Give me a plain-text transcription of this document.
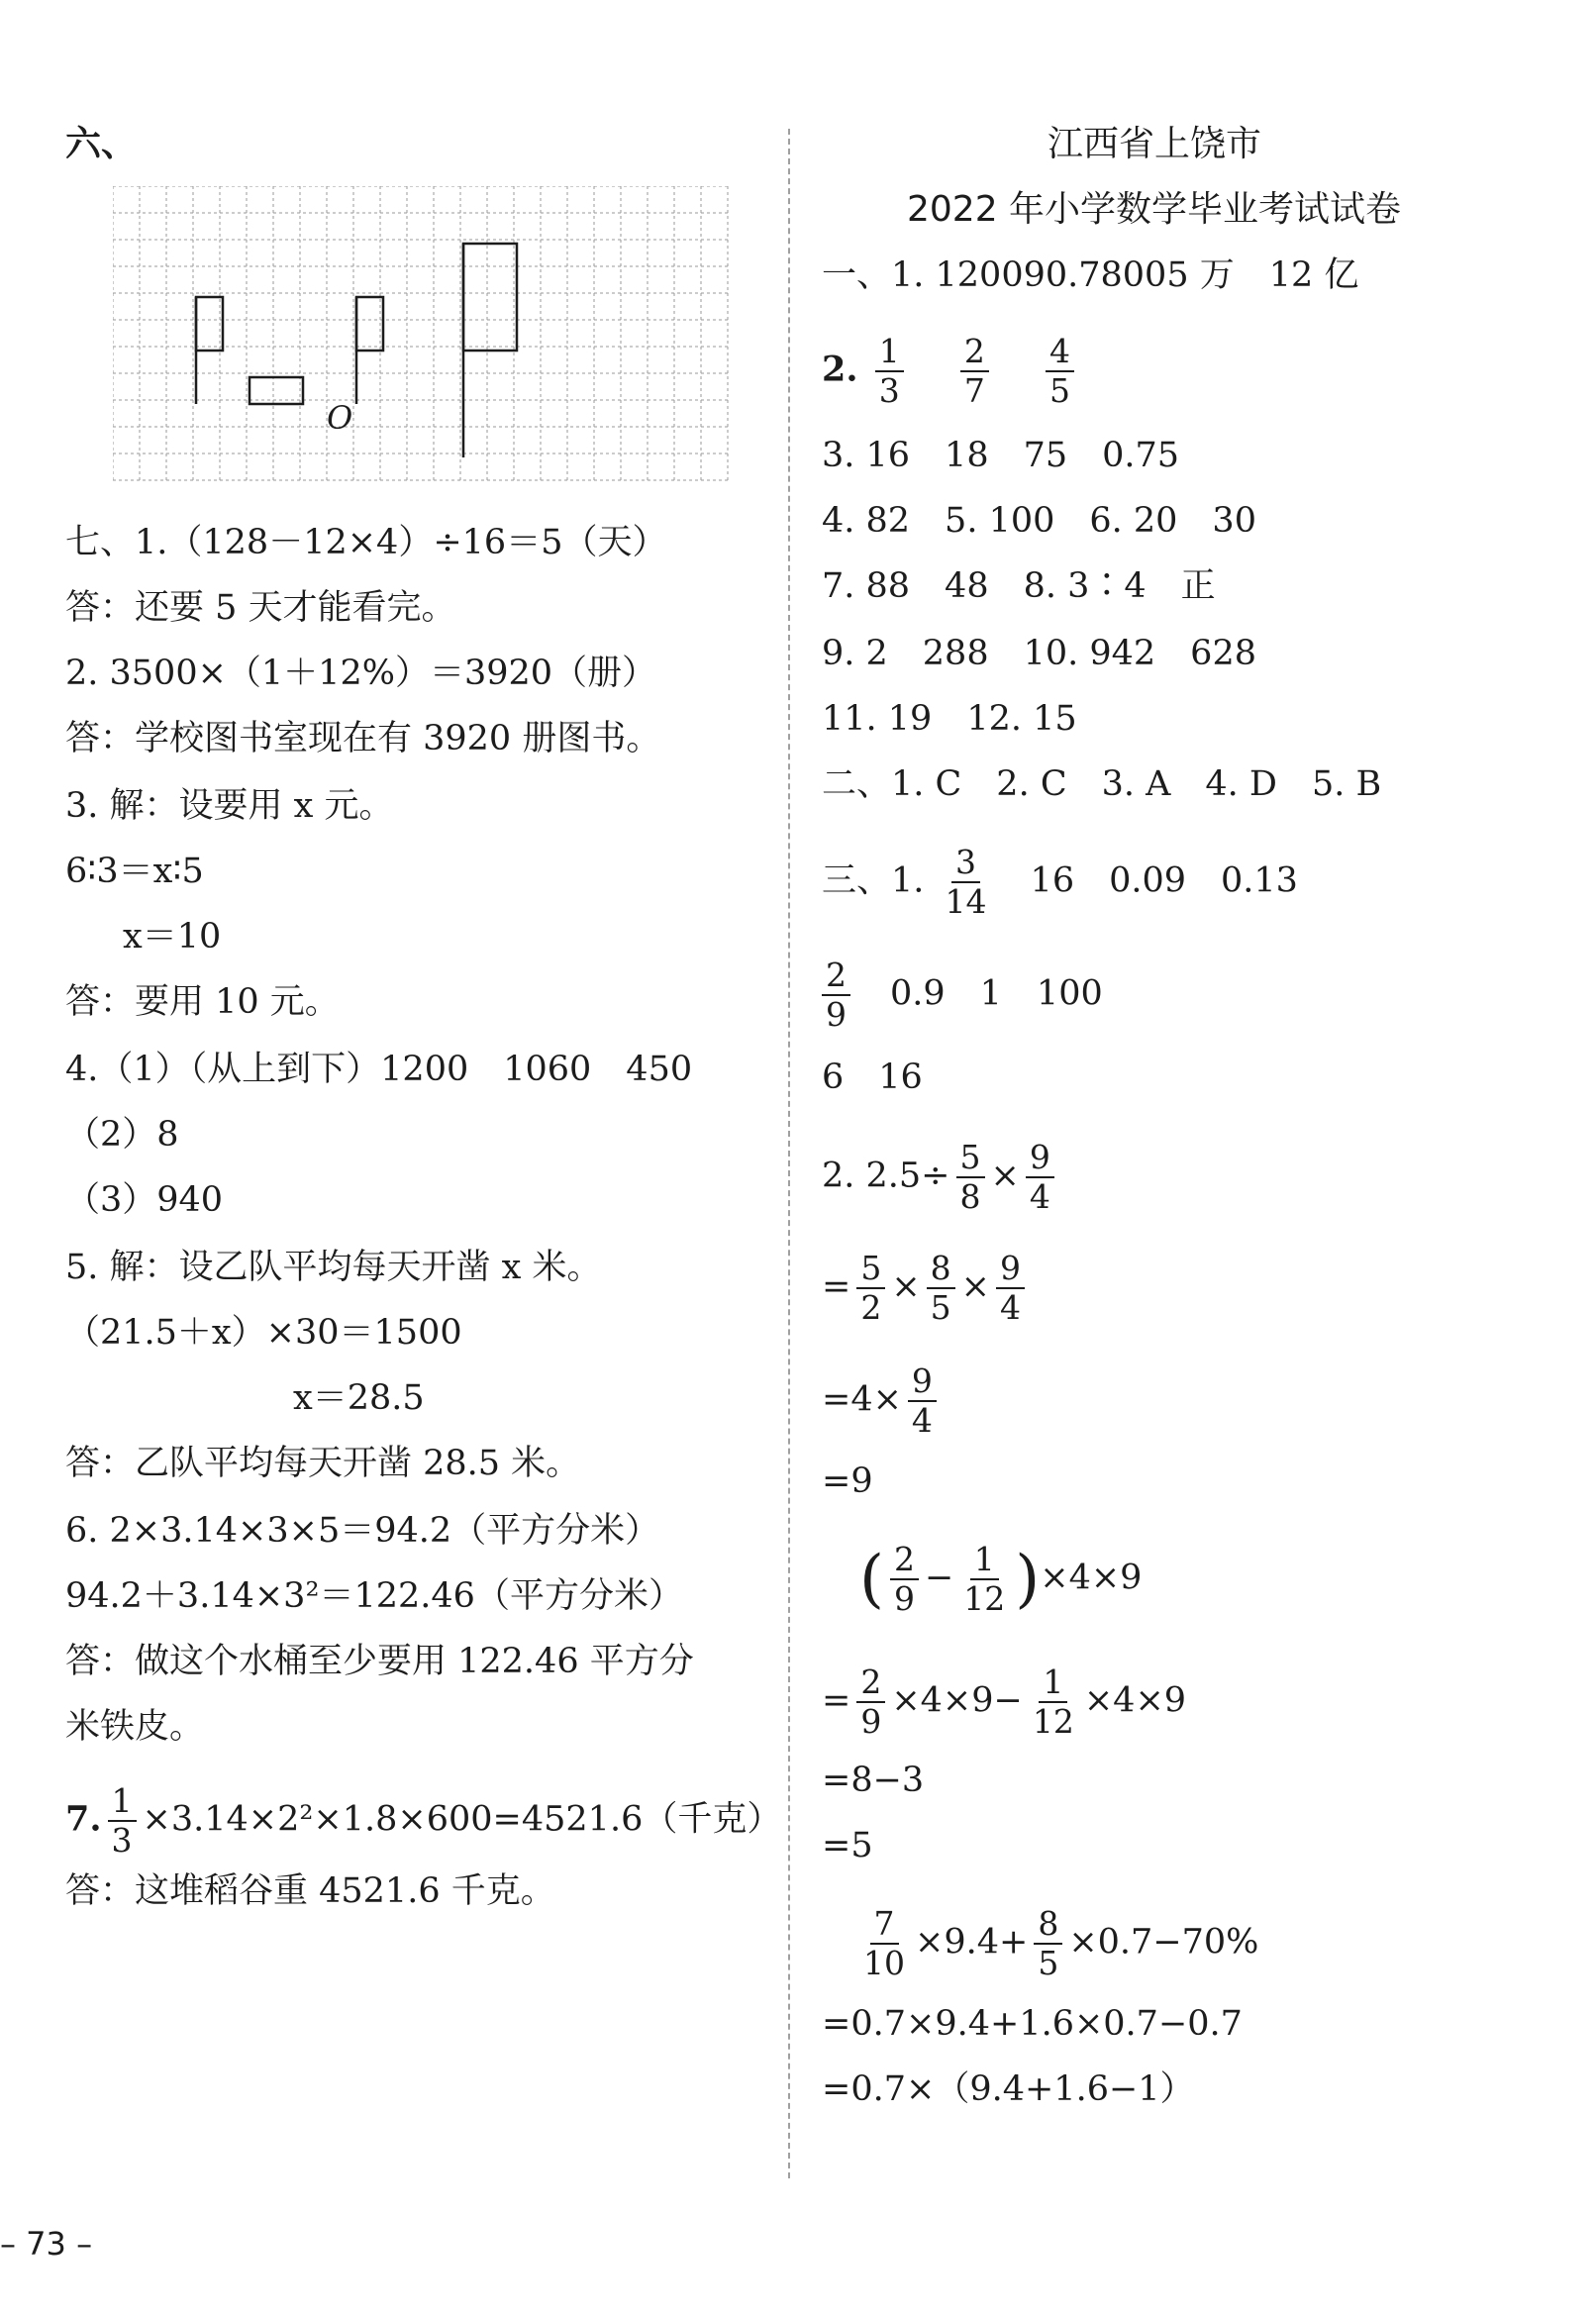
六、
O
七、1.（128－12×4）÷16＝5（天）
答：还要 5 天才能看完。
2. 3500×（1＋12%）＝3920（册）
答：学校图书室现在有 3920 册图书。
3. 解：设要用 x 元。
6∶3＝x∶5
x＝10
答：要用 10 元。
4.（1）（从上到下）1200　1060　450
（2）8
（3）940
5. 解：设乙队平均每天开凿 x 米。
（21.5＋x）×30＝1500
x＝28.5
答：乙队平均每天开凿 28.5 米。
6. 2×3.14×3×5＝94.2（平方分米）
94.2＋3.14×3²＝122.46（平方分米）
答：做这个水桶至少要用 122.46 平方分
米铁皮。
7. $\frac{1}{3} \times 3.14\times 2^2\times 1.8\times 600=4521.6$（千克）
答：这堆稻谷重 4521.6 千克。
– 73 –
江西省上饶市
2022 年小学数学毕业考试试卷
一、1. 120090.78005 万　12 亿
2. $\frac{1}{3}$
$\frac{2}{7}$
$\frac{4}{5}$
3. 16　18　75　0.75
4. 82　5. 100　6. 20　30
7. 88　48　8. 3∶4　正
9. 2　288　10. 942　628
11. 19　12. 15
二、1. C　2. C　3. A　4. D　5. B
三、1. $\frac{3}{14} 16$　0.09　0.13
$\frac{2}{9} 0.9$　1　100
6　16
2. $2.5\div \frac{5}{8} \times \frac{9}{4}$
= $\frac{5}{2} \times \frac{8}{5} \times \frac{9}{4}$
$=4\times \frac{9}{4}$
=9
( $\frac{2}{9} - \frac{1}{12} )\times 4\times 9$
= $\frac{2}{9} \times 4\times 9- \frac{1}{12} \times 4\times 9$
=8−3
=5
$\frac{7}{10} \times 9.4+ \frac{8}{5} \times 0.7-70\%$
=0.7×9.4+1.6×0.7−0.7
=0.7×（9.4+1.6−1）
